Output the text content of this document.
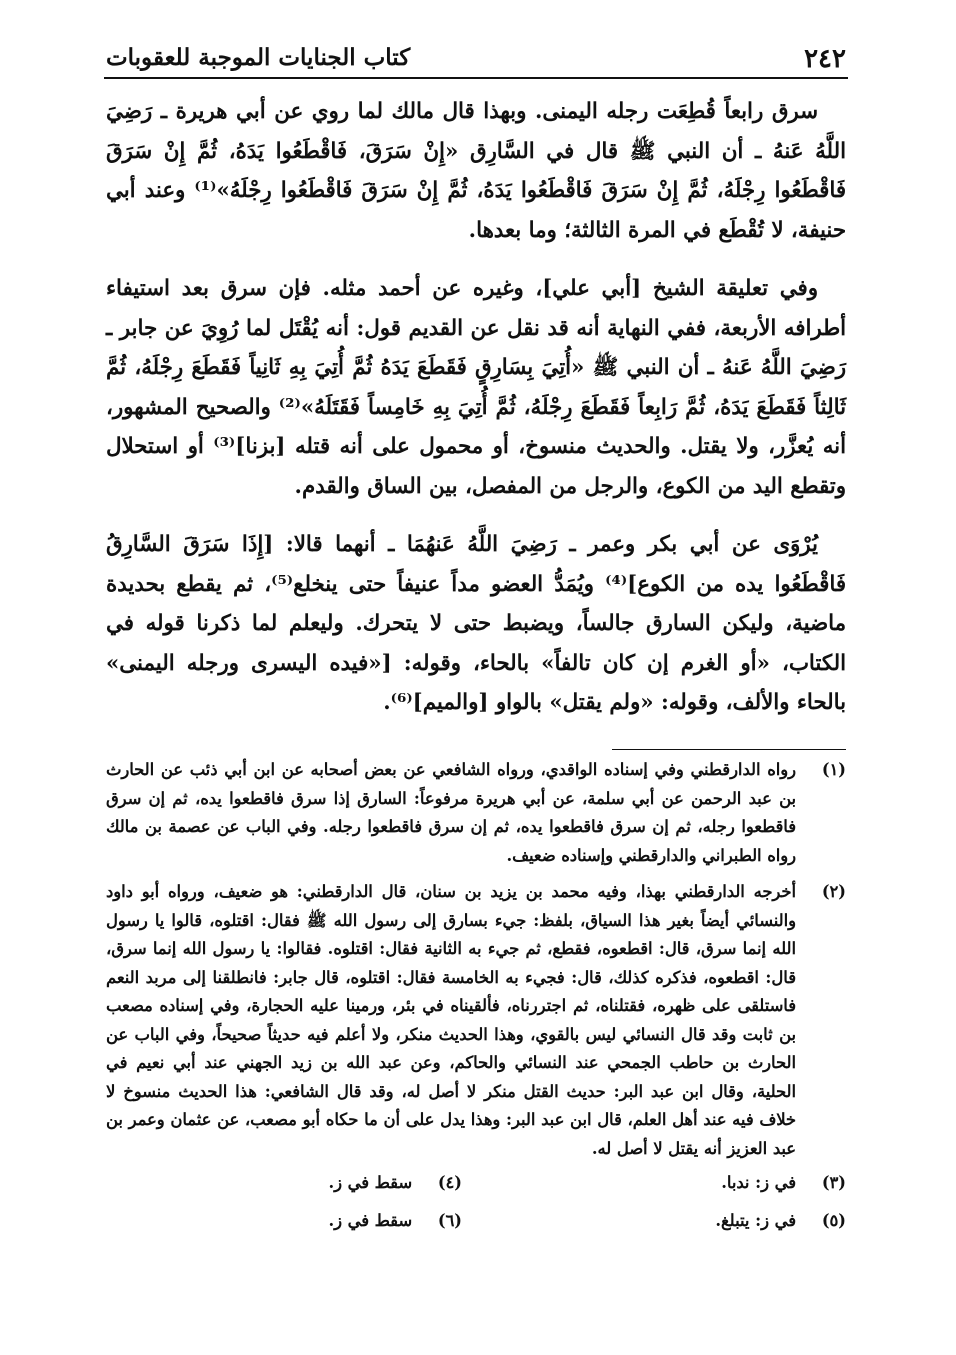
٢٤٢
كتاب الجنايات الموجبة للعقوبات

سرق رابعاً قُطِعَت رجله اليمنى. وبهذا قال مالك لما روي عن أبي هريرة ـ رَضِيَ اللَّهُ عَنهُ ـ أن النبي ﷺ قال في السَّارِق «إِنْ سَرَقَ، فَاقْطَعُوا يَدَهُ، ثُمَّ إِنْ سَرَقَ فَاقْطَعُوا رِجْلَهُ، ثُمَّ إِنْ سَرَقَ فَاقْطَعُوا يَدَهُ، ثُمَّ إِنْ سَرَقَ فَاقْطَعُوا رِجْلَهُ»⁽¹⁾ وعند أبي حنيفة، لا تُقْطَع في المرة الثالثة؛ وما بعدها.

وفي تعليقة الشيخ [أبي علي]، وغيره عن أحمد مثله. فإن سرق بعد استيفاء أطرافه الأربعة، ففي النهاية أنه قد نقل عن القديم قول: أنه يُقْتَل لما رُوِيَ عن جابر ـ رَضِيَ اللَّهُ عَنهُ ـ أن النبي ﷺ «أُتِيَ بِسَارِقٍ فَقَطَعَ يَدَهُ ثُمَّ أُتِيَ بِهِ ثَانِياً فَقَطَعَ رِجْلَهُ، ثُمَّ ثَالِثاً فَقَطَعَ يَدَهُ، ثُمَّ رَابِعاً فَقَطَعَ رِجْلَهُ، ثُمَّ أُتِيَ بِهِ خَامِساً فَقَتَلَهُ»⁽²⁾ والصحيح المشهور، أنه يُعزَّر، ولا يقتل. والحديث منسوخ، أو محمول على أنه قتله [بزنا]⁽³⁾ أو استحلال وتقطع اليد من الكوع، والرجل من المفصل، بين الساق والقدم.

يُرْوَى عن أبي بكر وعمر ـ رَضِيَ اللَّهُ عَنهُمَا ـ أنهما قالا: [إِذَا سَرَقَ السَّارِقُ فَاقْطَعُوا يده من الكوع]⁽⁴⁾ ويُمَدُّ العضو مداً عنيفاً حتى ينخلع⁽⁵⁾، ثم يقطع بحديدة ماضية، وليكن السارق جالساً، ويضبط حتى لا يتحرك. وليعلم لما ذكرنا قوله في الكتاب، «أو الغرم إن كان تالفاً» بالحاء، وقوله: [«فيده اليسرى ورجله اليمنى» بالحاء والألف، وقوله: «ولم يقتل» بالواو [والميم]⁽⁶⁾.

(١)
رواه الدارقطني وفي إسناده الواقدي، ورواه الشافعي عن بعض أصحابه عن ابن أبي ذئب عن الحارث بن عبد الرحمن عن أبي سلمة، عن أبي هريرة مرفوعاً: السارق إذا سرق فاقطعوا يده، ثم إن سرق فاقطعوا رجله، ثم إن سرق فاقطعوا يده، ثم إن سرق فاقطعوا رجله. وفي الباب عن عصمة بن مالك رواه الطبراني والدارقطني وإسناده ضعيف.
(٢)
أخرجه الدارقطني بهذا، وفيه محمد بن يزيد بن سنان، قال الدارقطني: هو ضعيف، ورواه أبو داود والنسائي أيضاً بغير هذا السياق، بلفظ: جيء بسارق إلى رسول الله ﷺ فقال: اقتلوه، قالوا يا رسول الله إنما سرق، قال: اقطعوه، فقطع، ثم جيء به الثانية فقال: اقتلوه. فقالوا: يا رسول الله إنما سرق، قال: اقطعوه، فذكره كذلك، قال: فجيء به الخامسة فقال: اقتلوه، قال جابر: فانطلقنا إلى مربد النعم فاستلقى على ظهره، فقتلناه، ثم اجتررناه، فألقيناه في بئر، ورمينا عليه الحجارة، وفي إسناده مصعب بن ثابت وقد قال النسائي ليس بالقوي، وهذا الحديث منكر، ولا أعلم فيه حديثاً صحيحاً، وفي الباب عن الحارث بن حاطب الجمحي عند النسائي والحاكم، وعن عبد الله بن زيد الجهني عند أبي نعيم في الحلية، وقال ابن عبد البر: حديث القتل منكر لا أصل له، وقد قال الشافعي: هذا الحديث منسوخ لا خلاف فيه عند أهل العلم، قال ابن عبد البر: وهذا يدل على أن ما حكاه أبو مصعب، عن عثمان وعمر بن عبد العزيز أنه يقتل لا أصل له.
(٣)في ز: ندبا.
(٤)سقط في ز.
(٥)في ز: يتبلغ.
(٦)سقط في ز.
